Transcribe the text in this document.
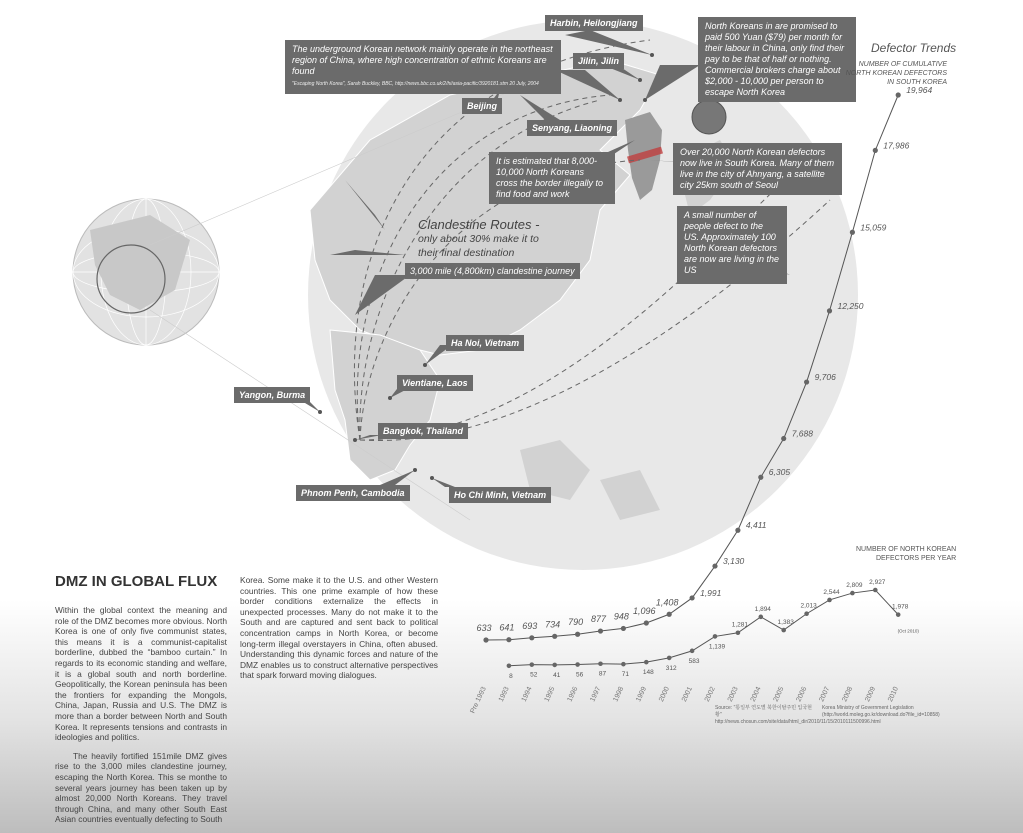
Harbin, Heilongjiang
Jilin, Jilin
Beijing
Senyang, Liaoning
Ha Noi, Vietnam
Vientiane, Laos
Yangon, Burma
Bangkok, Thailand
Phnom Penh, Cambodia	Ho Chi Minh, Vietnam
The underground Korean network mainly operate in the northeast region of China, where high concentration of ethnic Koreans are found
"Escaping North Korea", Sarah Buckley, BBC, http://news.bbc.co.uk/2/hi/asia-pacific/3920181.stm 20 July, 2004
North Koreans in are promised to paid 500 Yuan ($79) per month for their labour in China, only find their pay to be that of half or nothing. Commercial brokers charge about $2,000 - 10,000 per person to escape North Korea
It is estimated that 8,000-10,000 North Koreans cross the border illegally to find food and work
Over 20,000 North Korean defectors now live in South Korea. Many of them live in the city of Ahnyang, a satellite city 25km south of Seoul
A small number of people defect to the US. Approximately 100 North Korean defectors are now are living in the US
Clandestine Routes -
only about 30% make it to
their final destination
3,000 mile (4,800km) clandestine journey
Defector Trends
NUMBER OF CUMULATIVE
NORTH KOREAN DEFECTORS
IN SOUTH KOREA
NUMBER OF NORTH KOREAN
DEFECTORS PER YEAR
633 641 693 734 790 877 948
1,096
1,408
1,991
3,130
4,411
6,305
7,688
9,706
12,250
15,059
17,986
19,964
8	52 41 56 87 71 148
312
583
1,139
1,281
1,894
1,383
2,013
2,544
2,809 2,927
1,978
(Oct 2010)
Pre 1993 1993 1994 1995 1996 1997 1998 1999 2000 2001 2002 2003 2004 2005 2006 2007 2008 2009 2010
DMZ IN GLOBAL FLUX

Within the global context the meaning and role of the DMZ becomes more obvious. North Korea is one of only five communist states, this means it is a communist-capitalist borderline, dubbed the “bamboo curtain.” In regards to its economic standing and welfare, it is a global south and north borderline. Geopolitically, the Korean peninsula has been the frontiers for expanding the Mongols, China, Japan, Russia and U.S. The DMZ is more than a border between North and South Korea. It represents tensions and contrasts in ideologies and politics.

The heavily fortified 151mile DMZ gives rise to the 3,000 miles clandestine journey, escaping the North Korea. This se monthe to several years journey has been taken up by almost 20,000 North Koreans. They travel through China, and many other South East Asian countries eventually defecting to South

Korea. Some make it to the U.S. and other Western countries. This one prime example of how these border conditions externalize the effects in unexpected processes. Many do not make it to the South and are captured and sent back to political concentration camps in North Korea, or become long-term illegal overstayers in China, often abused. Understanding this dynamic forces and nature of the DMZ enables us to construct alternative perspectives that spark forward moving dialogues.

Source: "통일부 연도별 북한이탈주민 입국현황" http://news.chosun.com/site/data/html_dir/2010/11/15/2010111500996.html
Korea Ministry of Government Legislation (http://world.moleg.go.kr/download.do?file_id=10858)
